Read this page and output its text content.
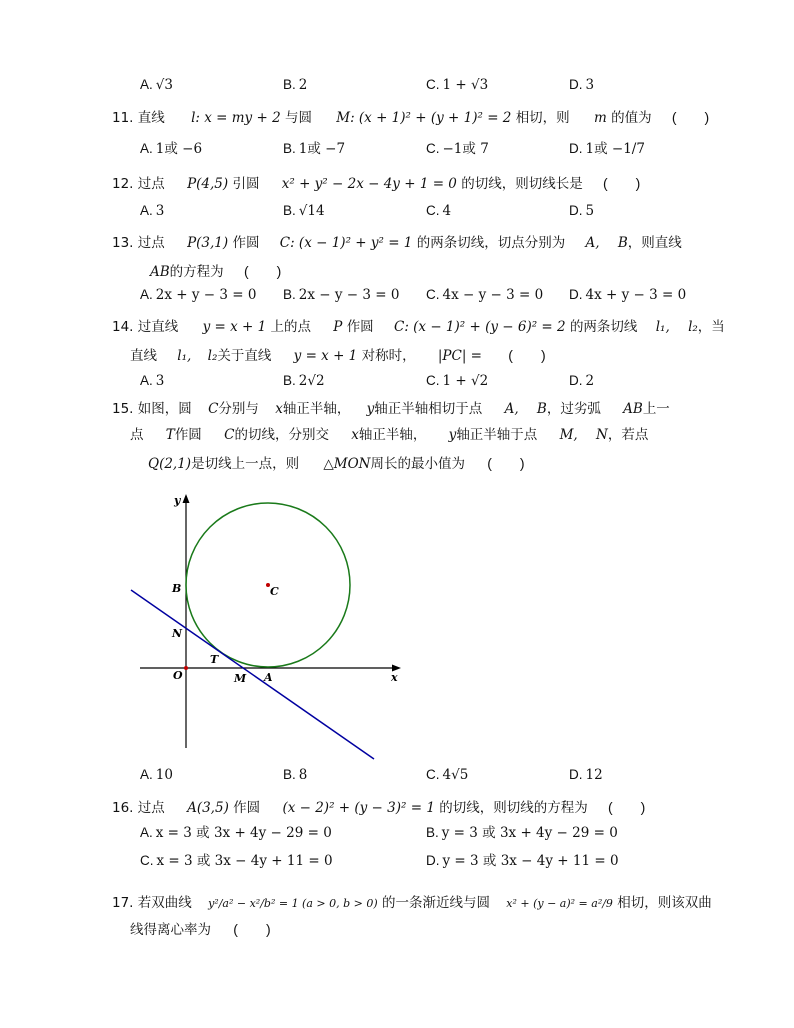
A. √3	B. 2	C. 1 + √3	D. 3
11. 直线 l: x = my + 2 与圆 M: (x + 1)² + (y + 1)² = 2 相切，则 m 的值为 (　　)
A. 1或 −6	B. 1或 −7	C. −1或 7	D. 1或 −1/7
12. 过点 P(4,5) 引圆 x² + y² − 2x − 4y + 1 = 0 的切线，则切线长是 (　　)
A. 3	B. √14	C. 4	D. 5
13. 过点 P(3,1) 作圆 C: (x − 1)² + y² = 1 的两条切线，切点分别为 A, B，则直线
AB的方程为 (　　)
A. 2x + y − 3 = 0 B. 2x − y − 3 = 0 C. 4x − y − 3 = 0 D. 4x + y − 3 = 0
14. 过直线 y = x + 1 上的点 P 作圆 C: (x − 1)² + (y − 6)² = 2 的两条切线 l₁, l₂，当
直线 l₁, l₂关于直线 y = x + 1 对称时， |PC| = (　　)
A. 3	B. 2√2	C. 1 + √2	D. 2
15. 如图，圆 C分别与 x轴正半轴， y轴正半轴相切于点 A, B，过劣弧 AB上一
点 T作圆 C的切线，分别交 x轴正半轴， y轴正半轴于点 M, N，若点
Q(2,1)是切线上一点，则 △MON周长的最小值为 (　　)
y
x
B	C
N
T
O	M A
A. 10	B. 8	C. 4√5	D. 12
16. 过点 A(3,5) 作圆 (x − 2)² + (y − 3)² = 1 的切线，则切线的方程为 (　　)
A. x = 3 或 3x + 4y − 29 = 0	B. y = 3 或 3x + 4y − 29 = 0
C. x = 3 或 3x − 4y + 11 = 0	D. y = 3 或 3x − 4y + 11 = 0
17. 若双曲线 y²/a² − x²/b² = 1 (a > 0, b > 0) 的一条渐近线与圆 x² + (y − a)² = a²/9 相切，则该双曲
线得离心率为 (　　)
